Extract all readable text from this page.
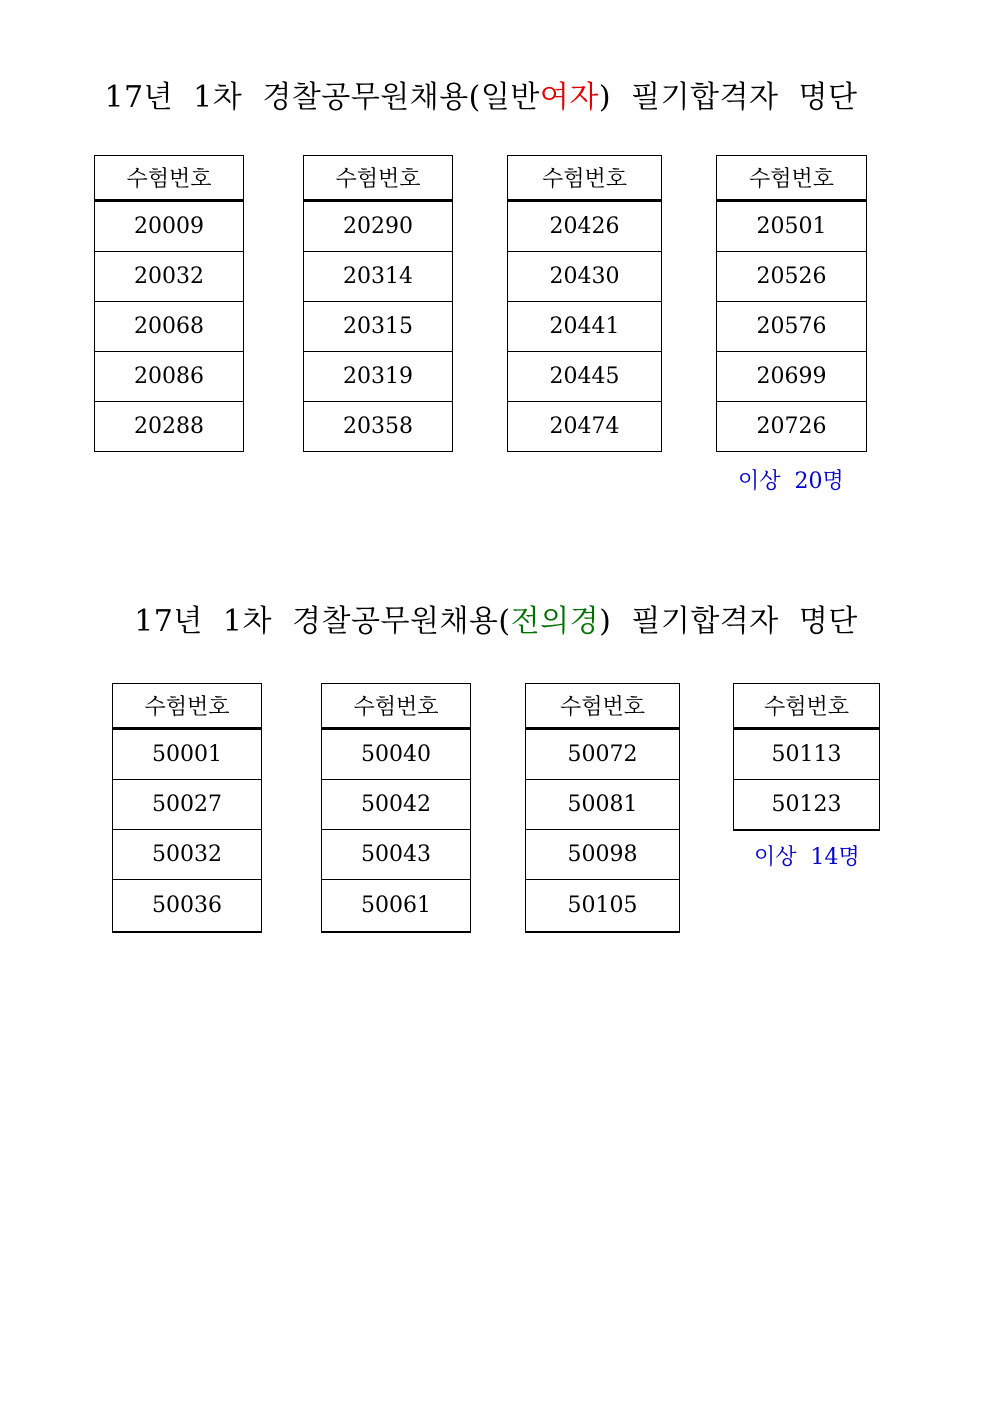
17년  1차  경찰공무원채용(일반여자)  필기합격자  명단
수험번호
20009
20032
20068
20086
20288
수험번호
20290
20314
20315
20319
20358
수험번호
20426
20430
20441
20445
20474
수험번호
20501
20526
20576
20699
20726
이상  20명
17년  1차  경찰공무원채용(전의경)  필기합격자  명단
수험번호
50001
50027
50032
50036
수험번호
50040
50042
50043
50061
수험번호
50072
50081
50098
50105
수험번호
50113
50123
이상  14명
